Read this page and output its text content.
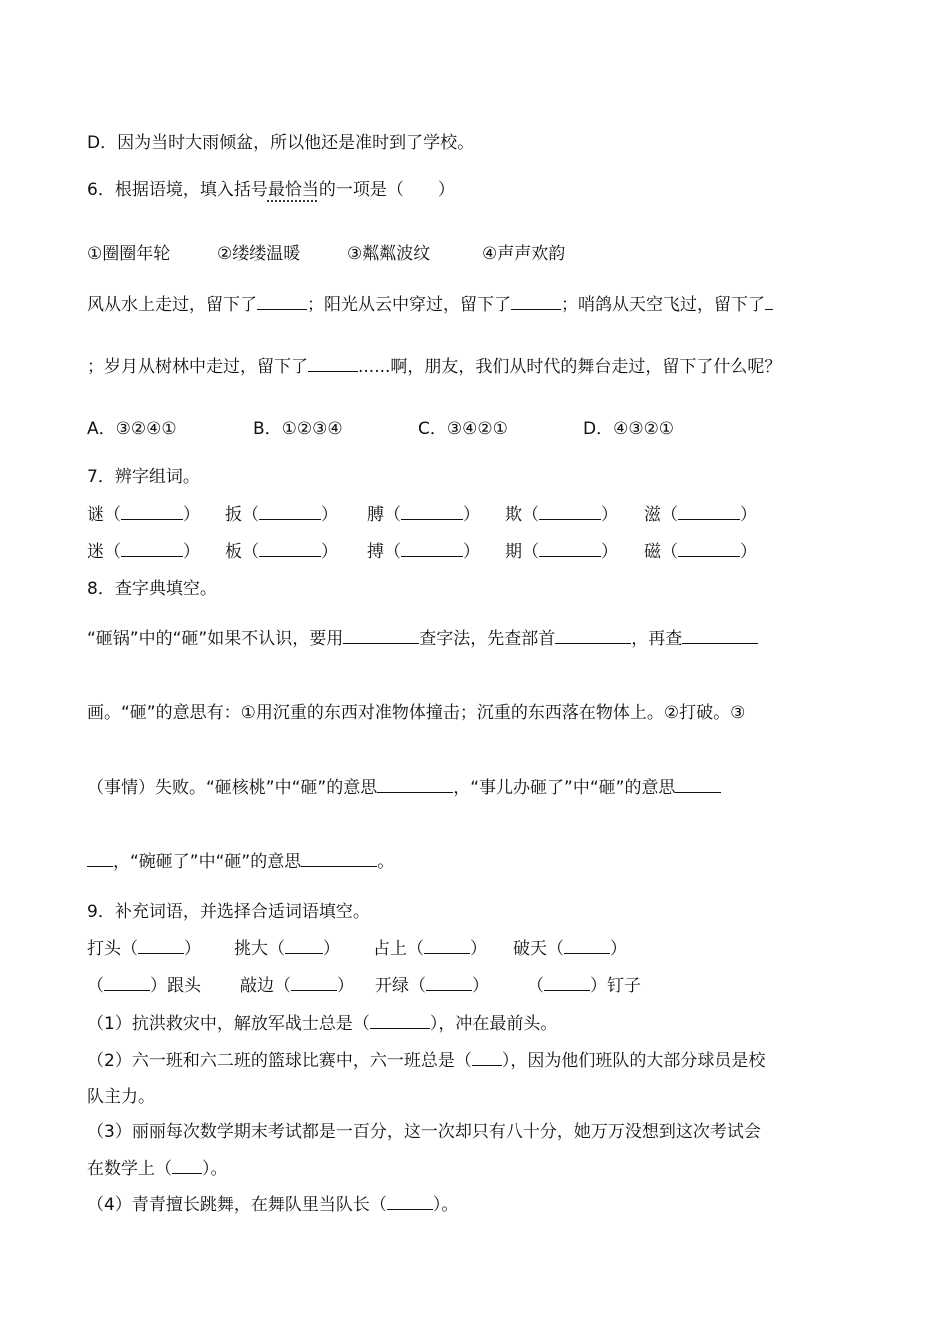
D．因为当时大雨倾盆，所以他还是准时到了学校。
6．根据语境，填入括号最恰当的一项是（　　）
①圈圈年轮	②缕缕温暖	③粼粼波纹	④声声欢韵
风从水上走过，留下了	；阳光从云中穿过，留下了	；哨鸽从天空飞过，留下了
；岁月从树林中走过，留下了	......啊，朋友，我们从时代的舞台走过，留下了什么呢？
A．③②④①	B．①②③④	C．③④②①	D．④③②①
7．辨字组词。
谜（	） 扳（	） 膊（	） 欺（	） 滋（	）
迷（	） 板（	） 搏（	） 期（	） 磁（	）
8．查字典填空。
“砸锅”中的“砸”如果不认识，要用	查字法，先查部首	，再查
画。“砸”的意思有：①用沉重的东西对准物体撞击；沉重的东西落在物体上。②打破。③
（事情）失败。“砸核桃”中“砸”的意思	，“事儿办砸了”中“砸”的意思
，“碗砸了”中“砸”的意思	。
9．补充词语，并选择合适词语填空。
打头（	） 挑大（ ） 占上（	） 破天（	）
（	）跟头 敲边（	） 开绿（	） （	）钉子
（1）抗洪救灾中，解放军战士总是（	），冲在最前头。
（2）六一班和六二班的篮球比赛中，六一班总是（ ），因为他们班队的大部分球员是校
队主力。
（3）丽丽每次数学期末考试都是一百分，这一次却只有八十分，她万万没想到这次考试会
在数学上（ ）。
（4）青青擅长跳舞，在舞队里当队长（	）。
